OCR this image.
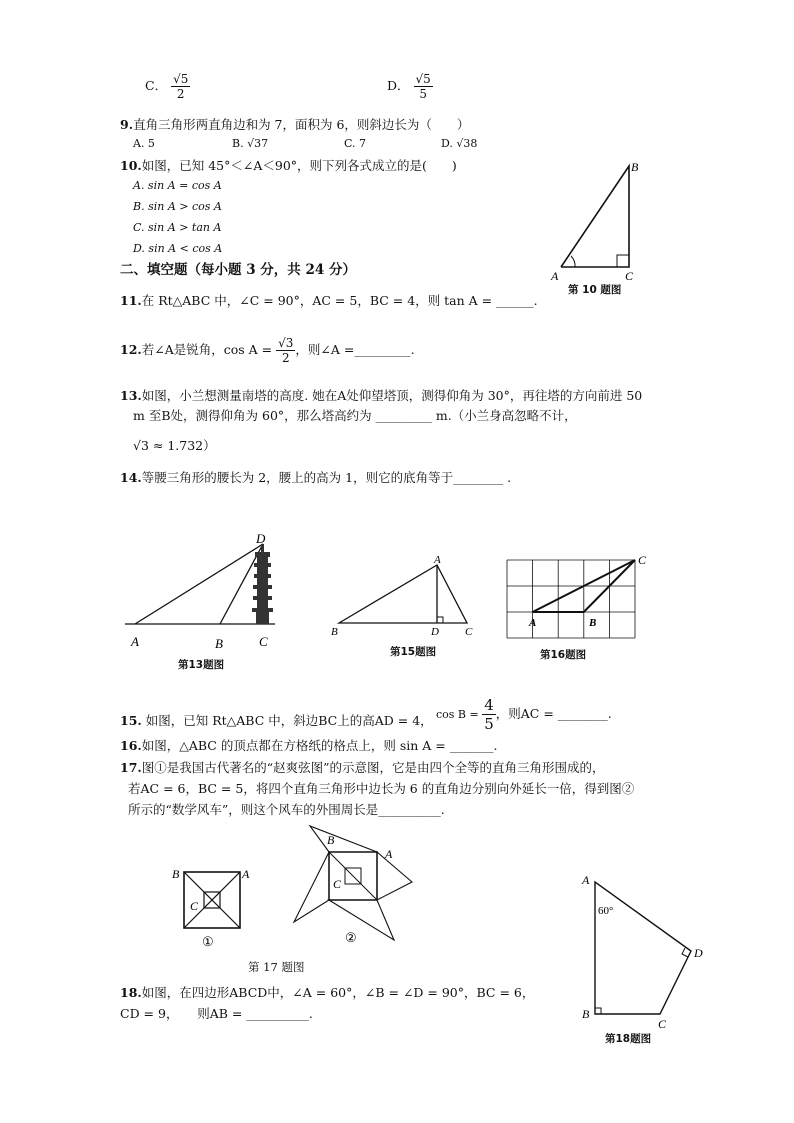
C． $\frac{√5}{2}$	D． $\frac{√5}{5}$
9.直角三角形两直角边和为 7，面积为 6，则斜边长为（　　）
A. 5	B. √37	C. 7	D. √38
10.如图，已知 45°＜∠A＜90°，则下列各式成立的是(　　)
A. sin A = cos A
B. sin A > cos A
C. sin A > tan A
D. sin A < cos A
A
B
C
第 10 题图
二、填空题（每小题 3 分，共 24 分）
11.在 Rt△ABC 中，∠C = 90°，AC = 5，BC = 4，则 tan A = ______.
12.若∠A是锐角，$\cos A = \frac{√3}{2}$ ，则∠A =_________.
13.如图，小兰想测量南塔的高度. 她在A处仰望塔顶，测得仰角为 30°，再往塔的方向前进 50
m 至B处，测得仰角为 60°，那么塔高约为 _________ m.（小兰身高忽略不计，
√3 ≈ 1.732）
14.等腰三角形的腰长为 2，腰上的高为 1，则它的底角等于________ .
A	B	C
D
第13题图
A
B	C
D
第15题图
A	B
C
第16题图
15. 如图，已知 Rt△ABC 中，斜边BC上的高AD = 4， $\cos B = \frac{4}{5}$ ，则AC = ________.
16.如图，△ABC 的顶点都在方格纸的格点上，则 sin A = _______.
17.图①是我国古代著名的“赵爽弦图”的示意图，它是由四个全等的直角三角形围成的，
若AC = 6，BC = 5，将四个直角三角形中边长为 6 的直角边分别向外延长一倍，得到图②
所示的“数学风车”，则这个风车的外围周长是__________.
B	A
C
①
B
A
C
②
第 17 题图
18.如图，在四边形ABCD中，∠A = 60°，∠B = ∠D = 90°，BC = 6，
CD = 9，　　则AB = __________.
A
60°
B
C
D
第18题图
